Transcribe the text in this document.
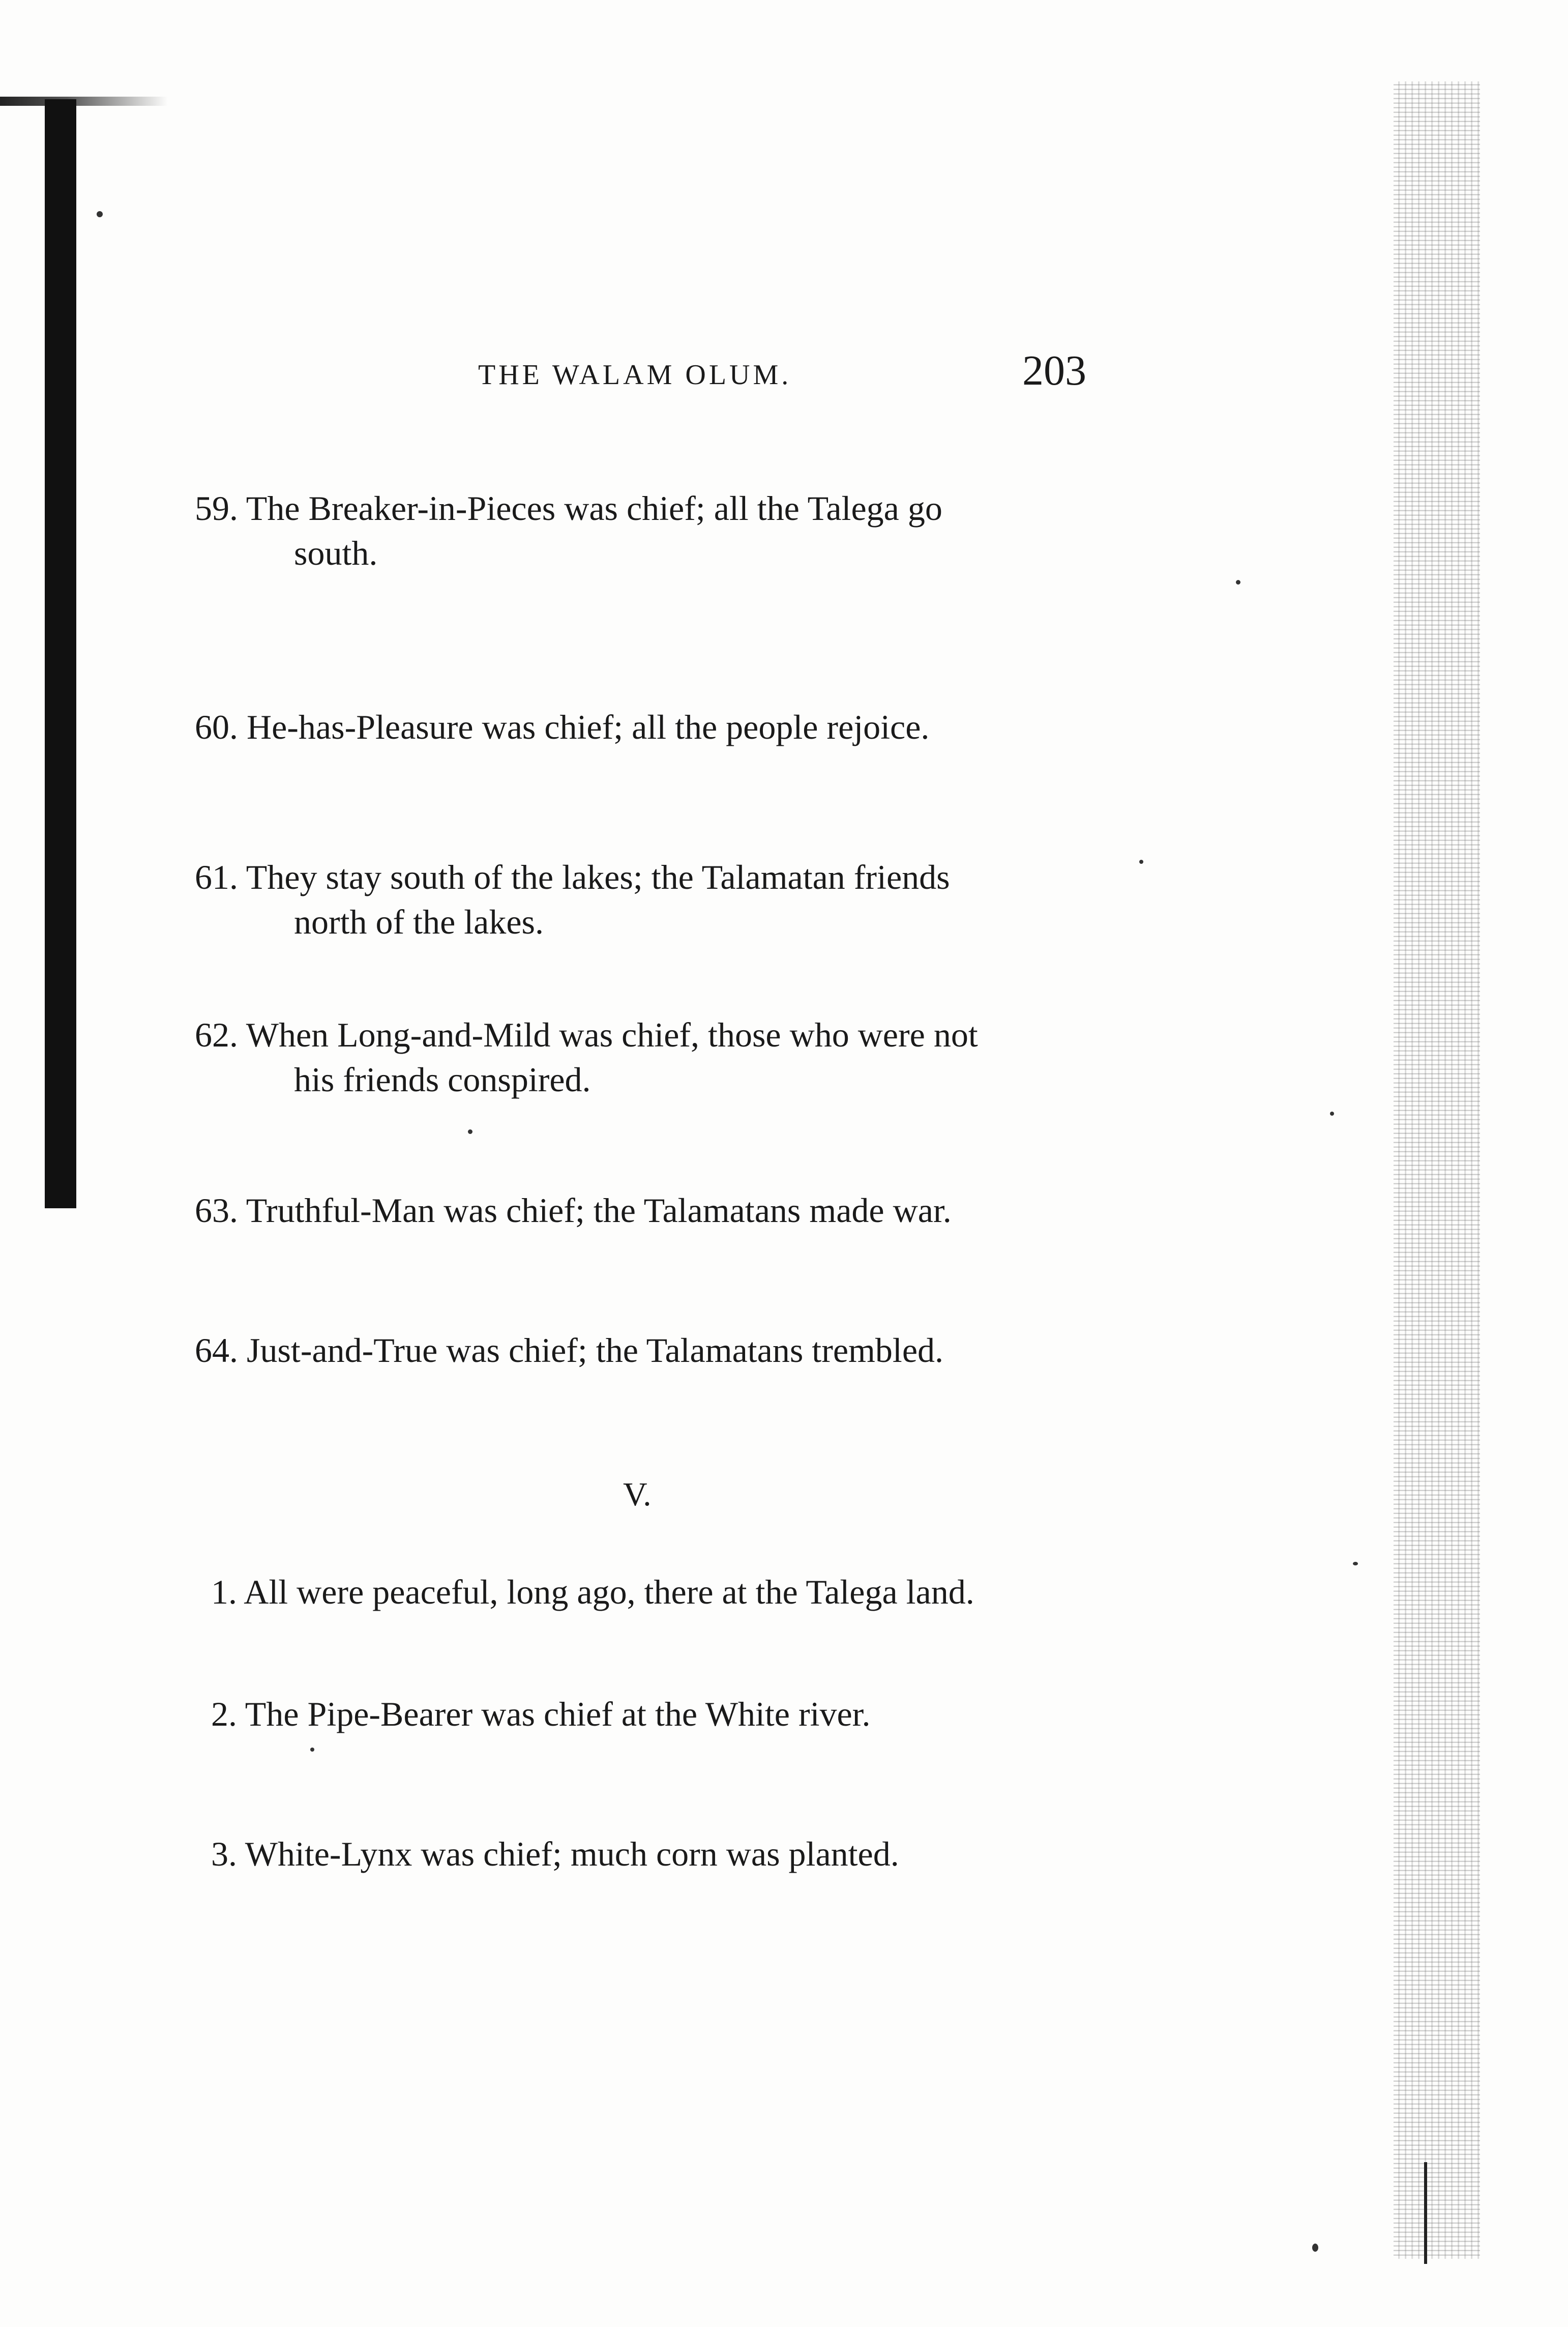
THE WALAM OLUM.	203
59. The Breaker-in-Pieces was chief; all the Talega go
south.
60. He-has-Pleasure was chief; all the people rejoice.
61. They stay south of the lakes; the Talamatan friends
north of the lakes.
62. When Long-and-Mild was chief, those who were not
his friends conspired.
63. Truthful-Man was chief; the Talamatans made war.
64. Just-and-True was chief; the Talamatans trembled.
V.
1. All were peaceful, long ago, there at the Talega land.
2. The Pipe-Bearer was chief at the White river.
3. White-Lynx was chief; much corn was planted.
